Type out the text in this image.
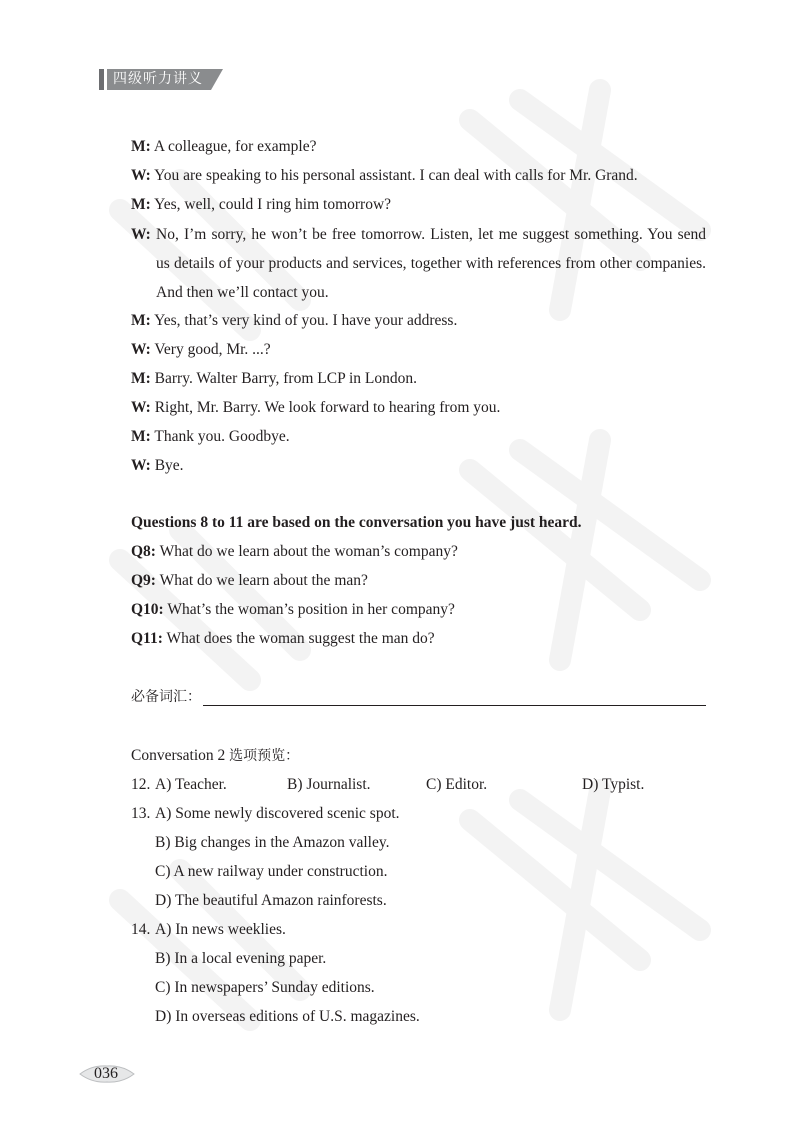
四级听力讲义
M: A colleague, for example?
W: You are speaking to his personal assistant. I can deal with calls for Mr. Grand.
M: Yes, well, could I ring him tomorrow?
W: No, I’m sorry, he won’t be free tomorrow. Listen, let me suggest something. You send us details of your products and services, together with references from other companies. And then we’ll contact you.
M: Yes, that’s very kind of you. I have your address.
W: Very good, Mr. ...?
M: Barry. Walter Barry, from LCP in London.
W: Right, Mr. Barry. We look forward to hearing from you.
M: Thank you. Goodbye.
W: Bye.
Questions 8 to 11 are based on the conversation you have just heard.
Q8: What do we learn about the woman’s company?
Q9: What do we learn about the man?
Q10: What’s the woman’s position in her company?
Q11: What does the woman suggest the man do?
必备词汇：
Conversation 2 选项预览：
12. A) Teacher.	B) Journalist.	C) Editor.	D) Typist.
13. A) Some newly discovered scenic spot.
B) Big changes in the Amazon valley.
C) A new railway under construction.
D) The beautiful Amazon rainforests.
14. A) In news weeklies.
B) In a local evening paper.
C) In newspapers’ Sunday editions.
D) In overseas editions of U.S. magazines.
036
